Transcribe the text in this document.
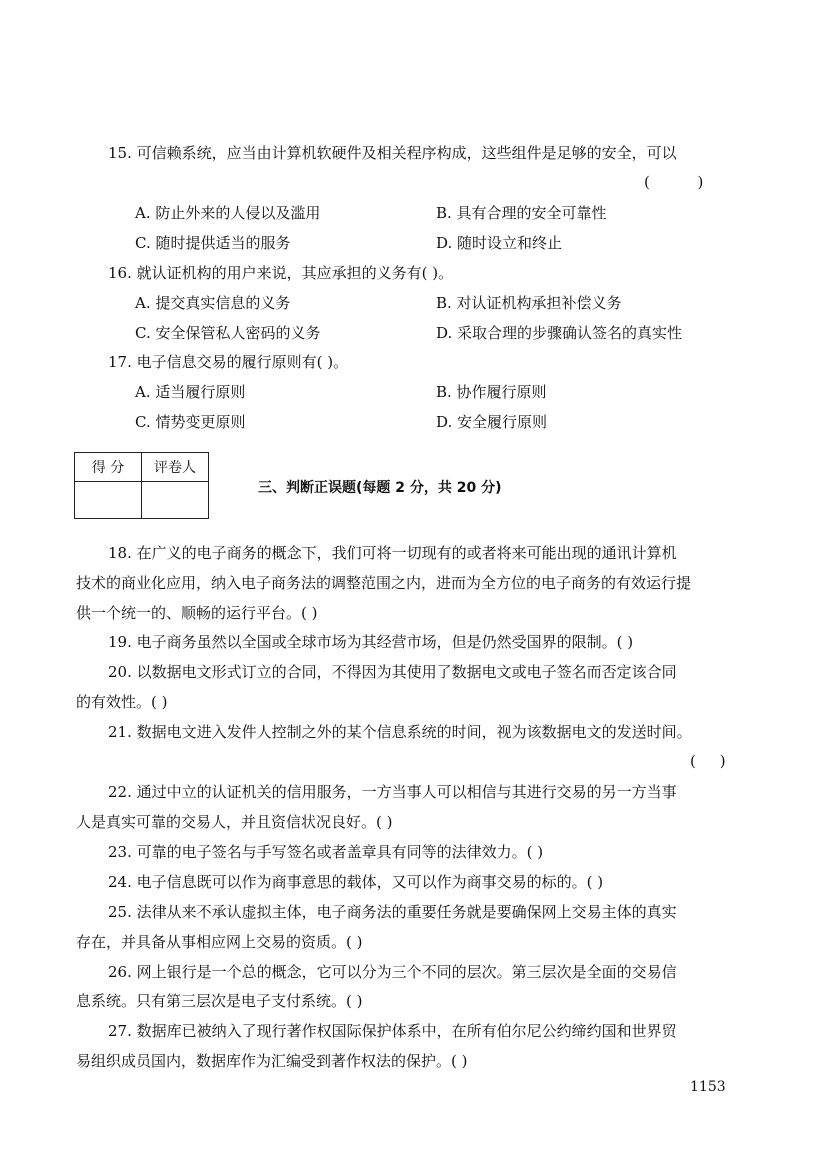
15. 可信赖系统，应当由计算机软硬件及相关程序构成，这些组件是足够的安全，可以
(          )
A. 防止外来的人侵以及滥用	B. 具有合理的安全可靠性
C. 随时提供适当的服务	D. 随时设立和终止
16. 就认证机构的用户来说，其应承担的义务有( )。
A. 提交真实信息的义务	B. 对认证机构承担补偿义务
C. 安全保管私人密码的义务	D. 采取合理的步骤确认签名的真实性
17. 电子信息交易的履行原则有( )。
A. 适当履行原则	B. 协作履行原则
C. 情势变更原则	D. 安全履行原则
得 分	评卷人

三、判断正误题(每题 2 分，共 20 分)
18. 在广义的电子商务的概念下，我们可将一切现有的或者将来可能出现的通讯计算机
技术的商业化应用，纳入电子商务法的调整范围之内，进而为全方位的电子商务的有效运行提
供一个统一的、顺畅的运行平台。( )
19. 电子商务虽然以全国或全球市场为其经营市场，但是仍然受国界的限制。( )
20. 以数据电文形式订立的合同，不得因为其使用了数据电文或电子签名而否定该合同
的有效性。( )
21. 数据电文进入发件人控制之外的某个信息系统的时间，视为该数据电文的发送时间。
(     )
22. 通过中立的认证机关的信用服务，一方当事人可以相信与其进行交易的另一方当事
人是真实可靠的交易人，并且资信状况良好。( )
23. 可靠的电子签名与手写签名或者盖章具有同等的法律效力。( )
24. 电子信息既可以作为商事意思的载体，又可以作为商事交易的标的。( )
25. 法律从来不承认虚拟主体，电子商务法的重要任务就是要确保网上交易主体的真实
存在，并具备从事相应网上交易的资质。( )
26. 网上银行是一个总的概念，它可以分为三个不同的层次。第三层次是全面的交易信
息系统。只有第三层次是电子支付系统。( )
27. 数据库已被纳入了现行著作权国际保护体系中，在所有伯尔尼公约缔约国和世界贸
易组织成员国内，数据库作为汇编受到著作权法的保护。( )
1153
